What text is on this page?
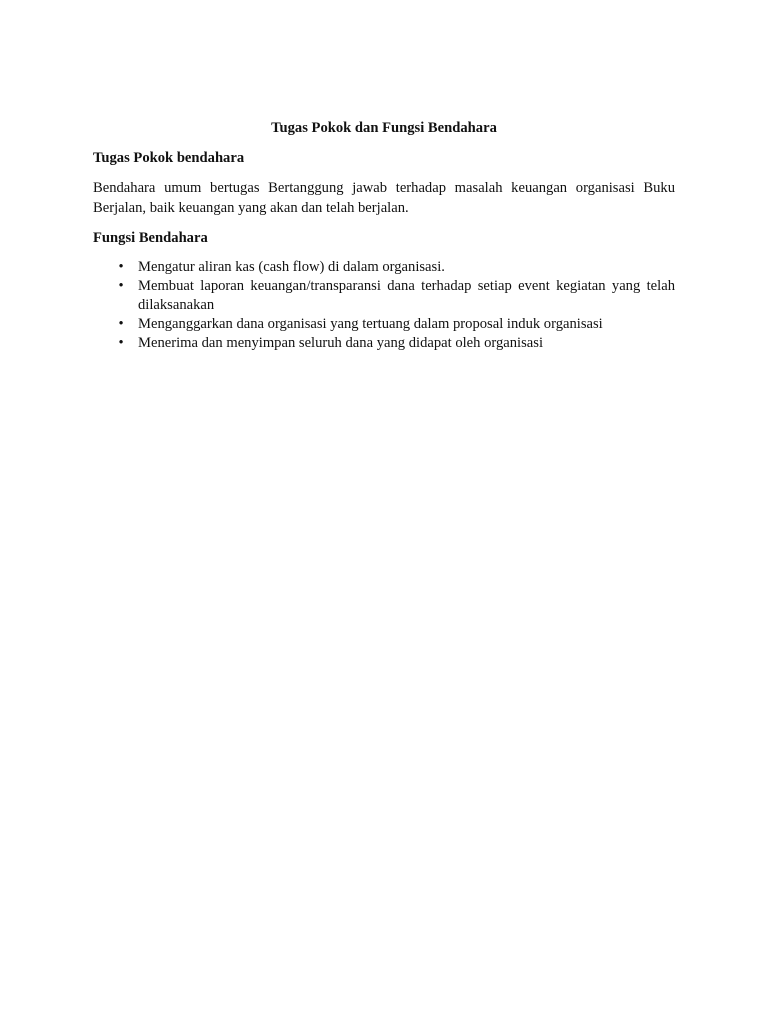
Tugas Pokok dan Fungsi Bendahara
Tugas Pokok bendahara
Bendahara umum bertugas Bertanggung jawab terhadap masalah keuangan organisasi Buku Berjalan, baik keuangan yang akan dan telah berjalan.
Fungsi Bendahara
• Mengatur aliran kas (cash flow) di dalam organisasi.
• Membuat laporan keuangan/transparansi dana terhadap setiap event kegiatan yang telah dilaksanakan
• Menganggarkan dana organisasi yang tertuang dalam proposal induk organisasi
• Menerima dan menyimpan seluruh dana yang didapat oleh organisasi
